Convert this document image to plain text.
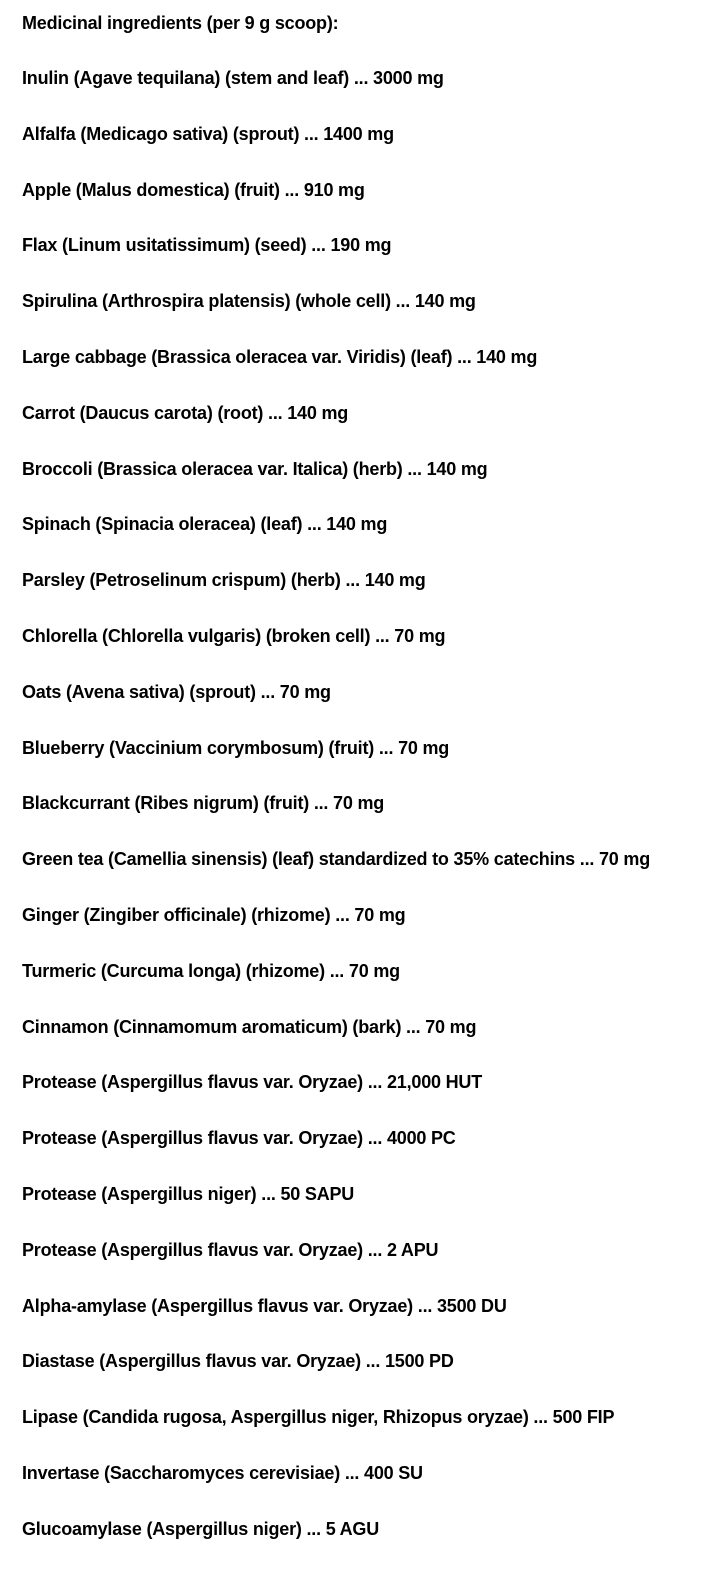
Medicinal ingredients (per 9 g scoop):
Inulin (Agave tequilana) (stem and leaf) ... 3000 mg
Alfalfa (Medicago sativa) (sprout) ... 1400 mg
Apple (Malus domestica) (fruit) ... 910 mg
Flax (Linum usitatissimum) (seed) ... 190 mg
Spirulina (Arthrospira platensis) (whole cell) ... 140 mg
Large cabbage (Brassica oleracea var. Viridis) (leaf) ... 140 mg
Carrot (Daucus carota) (root) ... 140 mg
Broccoli (Brassica oleracea var. Italica) (herb) ... 140 mg
Spinach (Spinacia oleracea) (leaf) ... 140 mg
Parsley (Petroselinum crispum) (herb) ... 140 mg
Chlorella (Chlorella vulgaris) (broken cell) ... 70 mg
Oats (Avena sativa) (sprout) ... 70 mg
Blueberry (Vaccinium corymbosum) (fruit) ... 70 mg
Blackcurrant (Ribes nigrum) (fruit) ... 70 mg
Green tea (Camellia sinensis) (leaf) standardized to 35% catechins ... 70 mg
Ginger (Zingiber officinale) (rhizome) ... 70 mg
Turmeric (Curcuma longa) (rhizome) ... 70 mg
Cinnamon (Cinnamomum aromaticum) (bark) ... 70 mg
Protease (Aspergillus flavus var. Oryzae) ... 21,000 HUT
Protease (Aspergillus flavus var. Oryzae) ... 4000 PC
Protease (Aspergillus niger) ... 50 SAPU
Protease (Aspergillus flavus var. Oryzae) ... 2 APU
Alpha-amylase (Aspergillus flavus var. Oryzae) ... 3500 DU
Diastase (Aspergillus flavus var. Oryzae) ... 1500 PD
Lipase (Candida rugosa, Aspergillus niger, Rhizopus oryzae) ... 500 FIP
Invertase (Saccharomyces cerevisiae) ... 400 SU
Glucoamylase (Aspergillus niger) ... 5 AGU
